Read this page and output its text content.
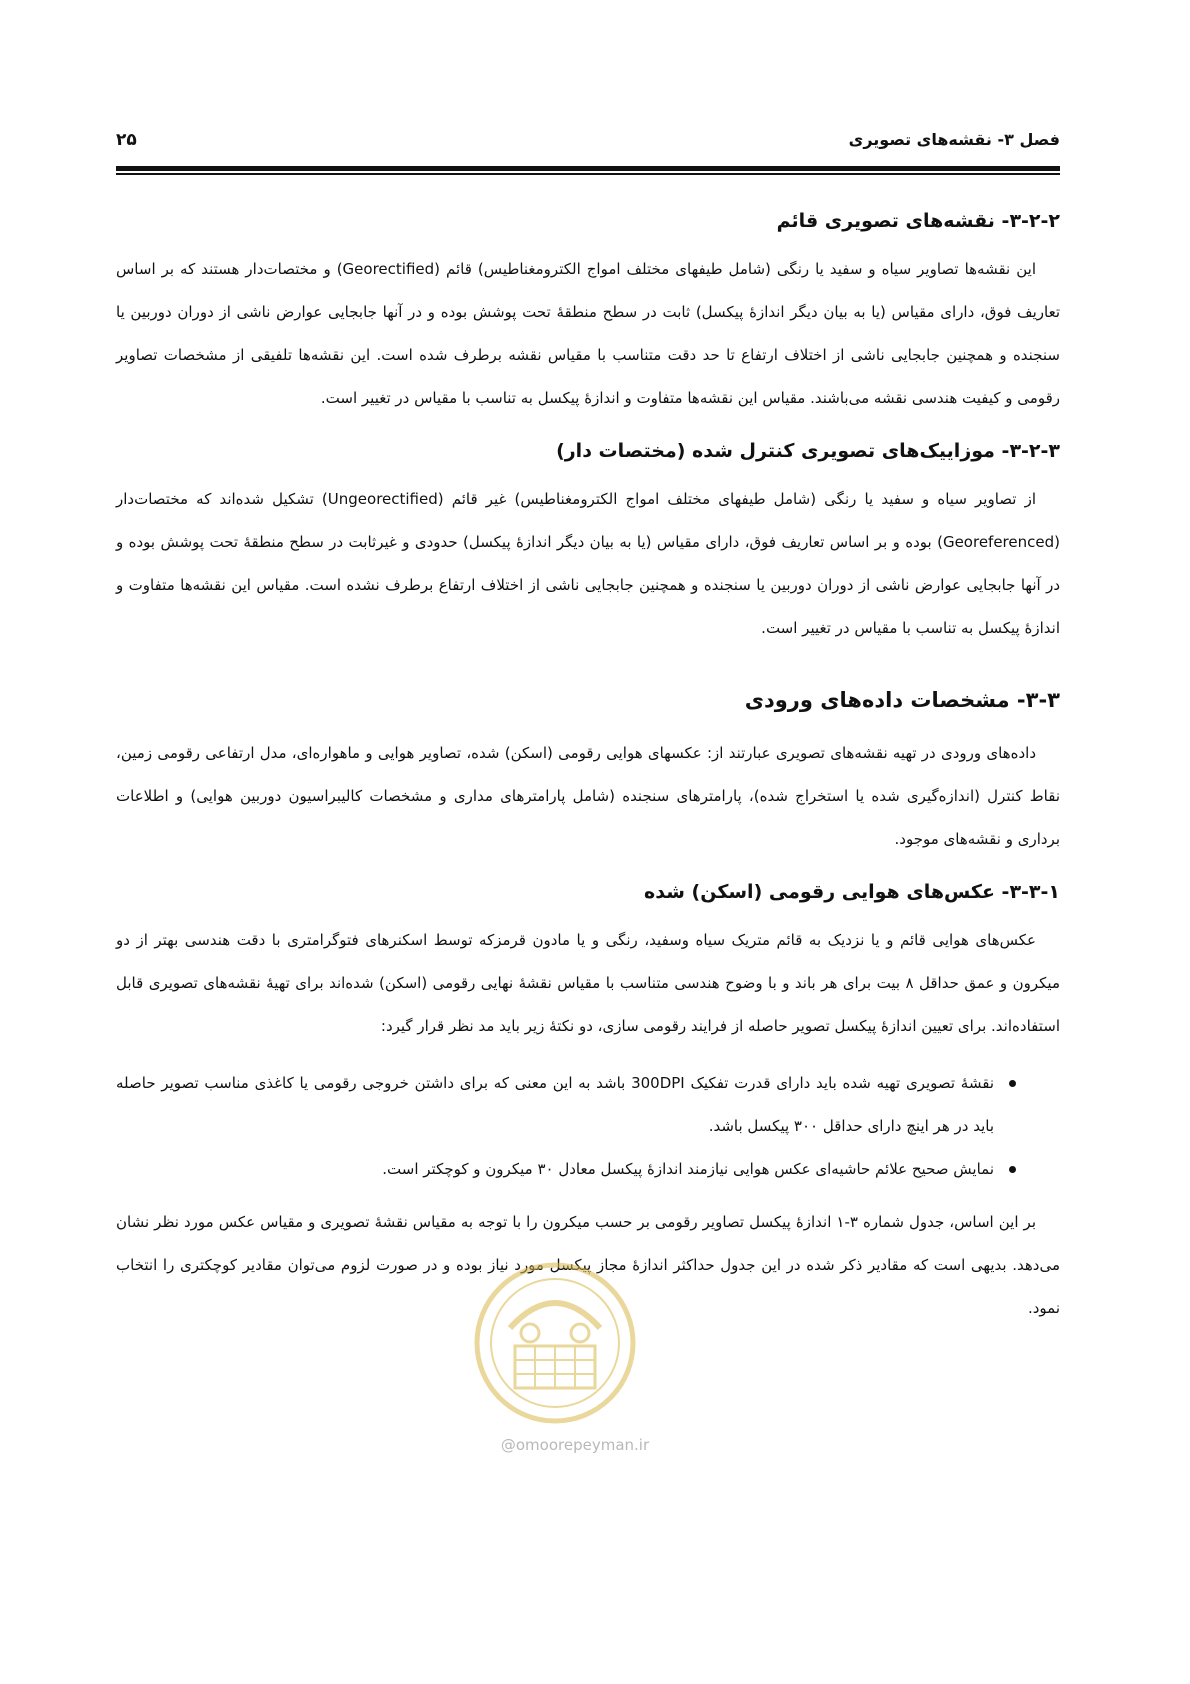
فصل ۳- نقشه‌های تصویری
۲۵
۳-۲-۲- نقشه‌های تصویری قائم

این نقشه‌ها تصاویر سیاه و سفید یا رنگی (شامل طیفهای مختلف امواج الکترومغناطیس) قائم (Georectified) و مختصات‌دار هستند که بر اساس تعاریف فوق، دارای مقیاس (یا به بیان دیگر اندازهٔ پیکسل) ثابت در سطح منطقهٔ تحت پوشش بوده و در آنها جابجایی عوارض ناشی از دوران دوربین یا سنجنده و همچنین جابجایی ناشی از اختلاف ارتفاع تا حد دقت متناسب با مقیاس نقشه برطرف شده است. این نقشه‌ها تلفیقی از مشخصات تصاویر رقومی و کیفیت هندسی نقشه می‌باشند. مقیاس این نقشه‌ها متفاوت و اندازهٔ پیکسل به تناسب با مقیاس در تغییر است.

۳-۲-۳- موزاییک‌های تصویری کنترل شده (مختصات دار)

از تصاویر سیاه و سفید یا رنگی (شامل طیفهای مختلف امواج الکترومغناطیس) غیر قائم (Ungeorectified) تشکیل شده‌اند که مختصات‌دار (Georeferenced) بوده و بر اساس تعاریف فوق، دارای مقیاس (یا به بیان دیگر اندازهٔ پیکسل) حدودی و غیرثابت در سطح منطقهٔ تحت پوشش بوده و در آنها جابجایی عوارض ناشی از دوران دوربین یا سنجنده و همچنین جابجایی ناشی از اختلاف ارتفاع برطرف نشده است. مقیاس این نقشه‌ها متفاوت و اندازهٔ پیکسل به تناسب با مقیاس در تغییر است.

۳-۳- مشخصات داده‌های ورودی

داده‌های ورودی در تهیه نقشه‌های تصویری عبارتند از: عکسهای هوایی رقومی (اسکن) شده، تصاویر هوایی و ماهواره‌ای، مدل ارتفاعی رقومی زمین، نقاط کنترل (اندازه‌گیری شده یا استخراج شده)، پارامترهای سنجنده (شامل پارامترهای مداری و مشخصات کالیبراسیون دوربین هوایی) و اطلاعات برداری و نقشه‌های موجود.

۳-۳-۱- عکس‌های هوایی رقومی (اسکن) شده

عکس‌های هوایی قائم و یا نزدیک به قائم متریک سیاه وسفید، رنگی و یا مادون قرمزکه توسط اسکنرهای فتوگرامتری با دقت هندسی بهتر از دو میکرون و عمق حداقل ۸ بیت برای هر باند و با وضوح هندسی متناسب با مقیاس نقشهٔ نهایی رقومی (اسکن) شده‌اند برای تهیهٔ نقشه‌های تصویری قابل استفاده‌اند. برای تعیین اندازهٔ پیکسل تصویر حاصله از فرایند رقومی سازی، دو نکتهٔ زیر باید مد نظر قرار گیرد:

نقشهٔ تصویری تهیه شده باید دارای قدرت تفکیک 300DPI باشد به این معنی که برای داشتن خروجی رقومی یا کاغذی مناسب تصویر حاصله باید در هر اینچ دارای حداقل ۳۰۰ پیکسل باشد.
نمایش صحیح علائم حاشیه‌ای عکس هوایی نیازمند اندازهٔ پیکسل معادل ۳۰ میکرون و کوچکتر است.

بر این اساس، جدول شماره ۳-۱ اندازهٔ پیکسل تصاویر رقومی بر حسب میکرون را با توجه به مقیاس نقشهٔ تصویری و مقیاس عکس مورد نظر نشان می‌دهد. بدیهی است که مقادیر ذکر شده در این جدول حداکثر اندازهٔ مجاز پیکسل مورد نیاز بوده و در صورت لزوم می‌توان مقادیر کوچکتری را انتخاب نمود.

@omoorepeyman.ir
